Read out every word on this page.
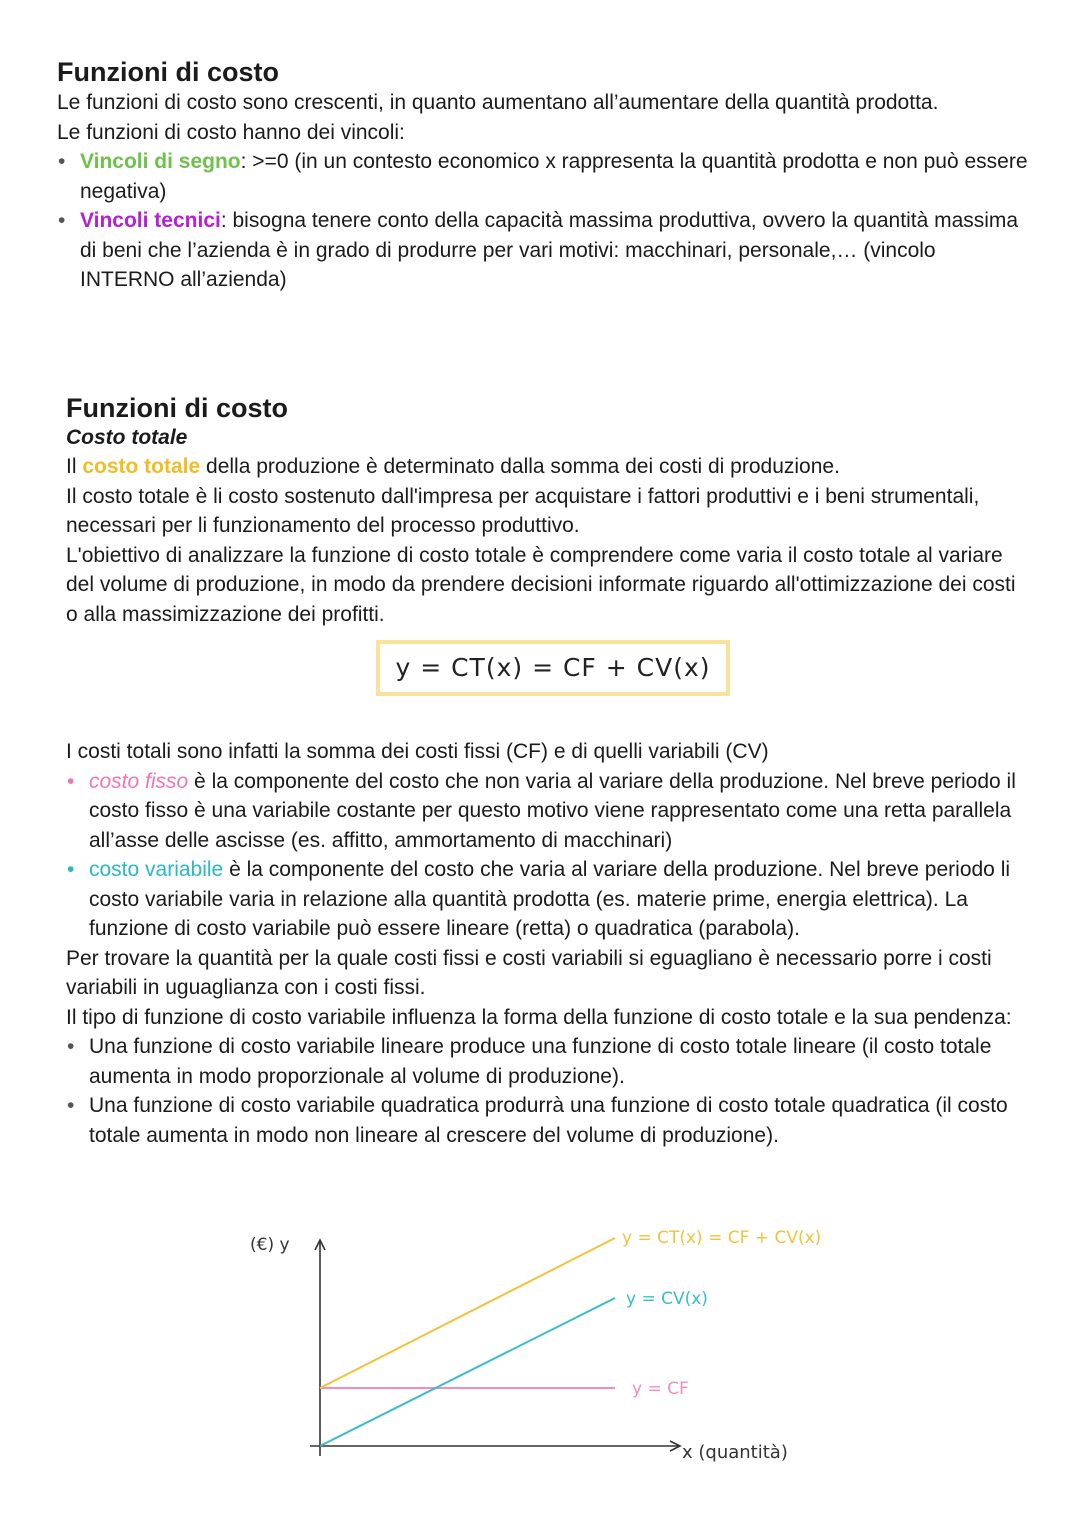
Funzioni di costo

Le funzioni di costo sono crescenti, in quanto aumentano all’aumentare della quantità prodotta.

Le funzioni di costo hanno dei vincoli:

• Vincoli di segno: >=0 (in un contesto economico x rappresenta la quantità prodotta e non può essere negativa)
• Vincoli tecnici: bisogna tenere conto della capacità massima produttiva, ovvero la quantità massima di beni che l’azienda è in grado di produrre per vari motivi: macchinari, personale,… (vincolo INTERNO all’azienda)
Funzioni di costo
Costo totale

Il costo totale della produzione è determinato dalla somma dei costi di produzione.

Il costo totale è li costo sostenuto dall'impresa per acquistare i fattori produttivi e i beni strumentali, necessari per li funzionamento del processo produttivo.

L'obiettivo di analizzare la funzione di costo totale è comprendere come varia il costo totale al variare del volume di produzione, in modo da prendere decisioni informate riguardo all'ottimizzazione dei costi o alla massimizzazione dei profitti.

I costi totali sono infatti la somma dei costi fissi (CF) e di quelli variabili (CV)

• costo fisso è la componente del costo che non varia al variare della produzione. Nel breve periodo il costo fisso è una variabile costante per questo motivo viene rappresentato come una retta parallela all’asse delle ascisse (es. affitto, ammortamento di macchinari)
• costo variabile è la componente del costo che varia al variare della produzione. Nel breve periodo li costo variabile varia in relazione alla quantità prodotta (es. materie prime, energia elettrica). La funzione di costo variabile può essere lineare (retta) o quadratica (parabola).

Per trovare la quantità per la quale costi fissi e costi variabili si eguagliano è necessario porre i costi variabili in uguaglianza con i costi fissi.

Il tipo di funzione di costo variabile influenza la forma della funzione di costo totale e la sua pendenza:

• Una funzione di costo variabile lineare produce una funzione di costo totale lineare (il costo totale aumenta in modo proporzionale al volume di produzione).
• Una funzione di costo variabile quadratica produrrà una funzione di costo totale quadratica (il costo totale aumenta in modo non lineare al crescere del volume di produzione).
y = CT(x) = CF + CV(x)
(€) y
x (quantità)
y = CT(x) = CF + CV(x)
y = CV(x)
y = CF
